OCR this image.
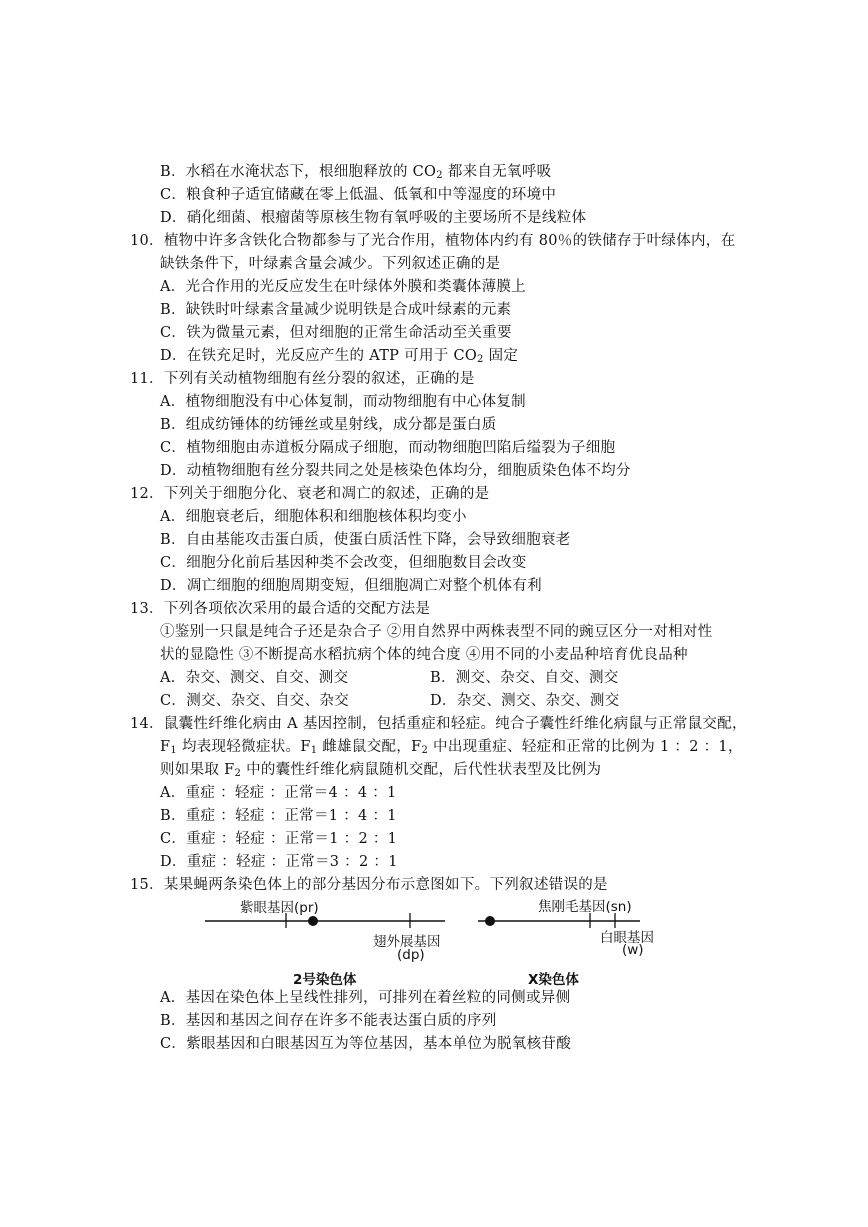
B．水稻在水淹状态下，根细胞释放的 $CO_2$ 都来自无氧呼吸
C．粮食种子适宜储藏在零上低温、低氧和中等湿度的环境中
D．硝化细菌、根瘤菌等原核生物有氧呼吸的主要场所不是线粒体
10．植物中许多含铁化合物都参与了光合作用，植物体内约有 80％的铁储存于叶绿体内，在
缺铁条件下，叶绿素含量会减少。下列叙述正确的是
A．光合作用的光反应发生在叶绿体外膜和类囊体薄膜上
B．缺铁时叶绿素含量减少说明铁是合成叶绿素的元素
C．铁为微量元素，但对细胞的正常生命活动至关重要
D．在铁充足时，光反应产生的 ATP 可用于 $CO_2$ 固定
11．下列有关动植物细胞有丝分裂的叙述，正确的是
A．植物细胞没有中心体复制，而动物细胞有中心体复制
B．组成纺锤体的纺锤丝或星射线，成分都是蛋白质
C．植物细胞由赤道板分隔成子细胞，而动物细胞凹陷后缢裂为子细胞
D．动植物细胞有丝分裂共同之处是核染色体均分，细胞质染色体不均分
12．下列关于细胞分化、衰老和凋亡的叙述，正确的是
A．细胞衰老后，细胞体积和细胞核体积均变小
B．自由基能攻击蛋白质，使蛋白质活性下降，会导致细胞衰老
C．细胞分化前后基因种类不会改变，但细胞数目会改变
D．凋亡细胞的细胞周期变短，但细胞凋亡对整个机体有利
13．下列各项依次采用的最合适的交配方法是
①鉴别一只鼠是纯合子还是杂合子 ②用自然界中两株表型不同的豌豆区分一对相对性
状的显隐性 ③不断提高水稻抗病个体的纯合度 ④用不同的小麦品种培育优良品种
A．杂交、测交、自交、测交	B．测交、杂交、自交、测交
C．测交、杂交、自交、杂交	D．杂交、测交、杂交、测交
14．鼠囊性纤维化病由 A 基因控制，包括重症和轻症。纯合子囊性纤维化病鼠与正常鼠交配，
$F_1$ 均表现轻微症状。$F_1$ 雌雄鼠交配，$F_2$ 中出现重症、轻症和正常的比例为 1 ：2 ：1，
则如果取 $F_2$ 中的囊性纤维化病鼠随机交配，后代性状表型及比例为
A．重症 ：轻症 ：正常＝4 ：4 ：1
B．重症 ：轻症 ：正常＝1 ：4 ：1
C．重症 ：轻症 ：正常＝1 ：2 ：1
D．重症 ：轻症 ：正常＝3 ：2 ：1
15．某果蝇两条染色体上的部分基因分布示意图如下。下列叙述错误的是
紫眼基因(pr)
翅外展基因
(dp)
2号染色体
焦刚毛基因(sn)
白眼基因
(w)
X染色体
A．基因在染色体上呈线性排列，可排列在着丝粒的同侧或异侧
B．基因和基因之间存在许多不能表达蛋白质的序列
C．紫眼基因和白眼基因互为等位基因，基本单位为脱氧核苷酸
